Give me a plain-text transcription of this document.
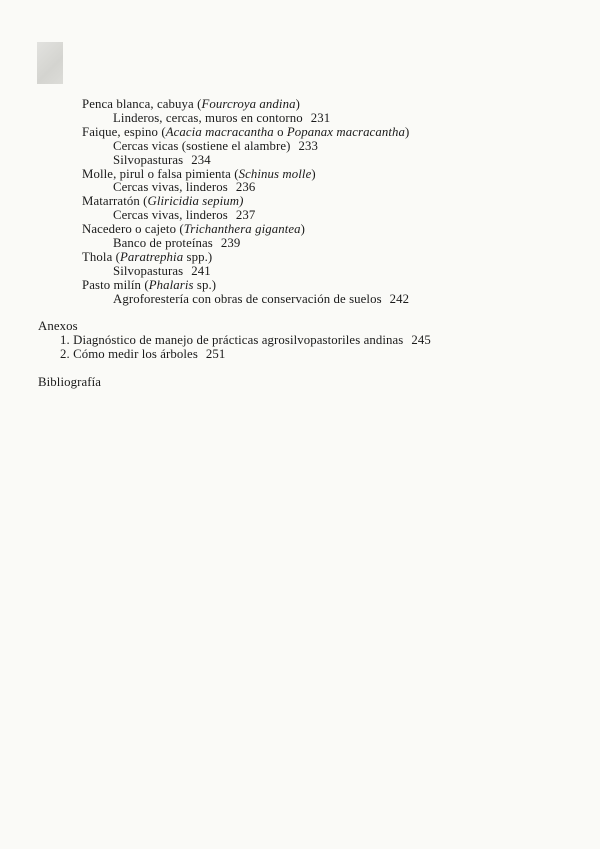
Penca blanca, cabuya (Fourcroya andina)
Linderos, cercas, muros en contorno 231
Faique, espino (Acacia macracantha o Popanax macracantha)
Cercas vicas (sostiene el alambre) 233
Silvopasturas 234
Molle, pirul o falsa pimienta (Schinus molle)
Cercas vivas, linderos 236
Matarratón (Gliricidia sepium)
Cercas vivas, linderos 237
Nacedero o cajeto (Trichanthera gigantea)
Banco de proteínas 239
Thola (Paratrephia spp.)
Silvopasturas 241
Pasto milín (Phalaris sp.)
Agroforestería con obras de conservación de suelos 242
Anexos
1. Diagnóstico de manejo de prácticas agrosilvopastoriles andinas 245
2. Cómo medir los árboles 251
Bibliografía
